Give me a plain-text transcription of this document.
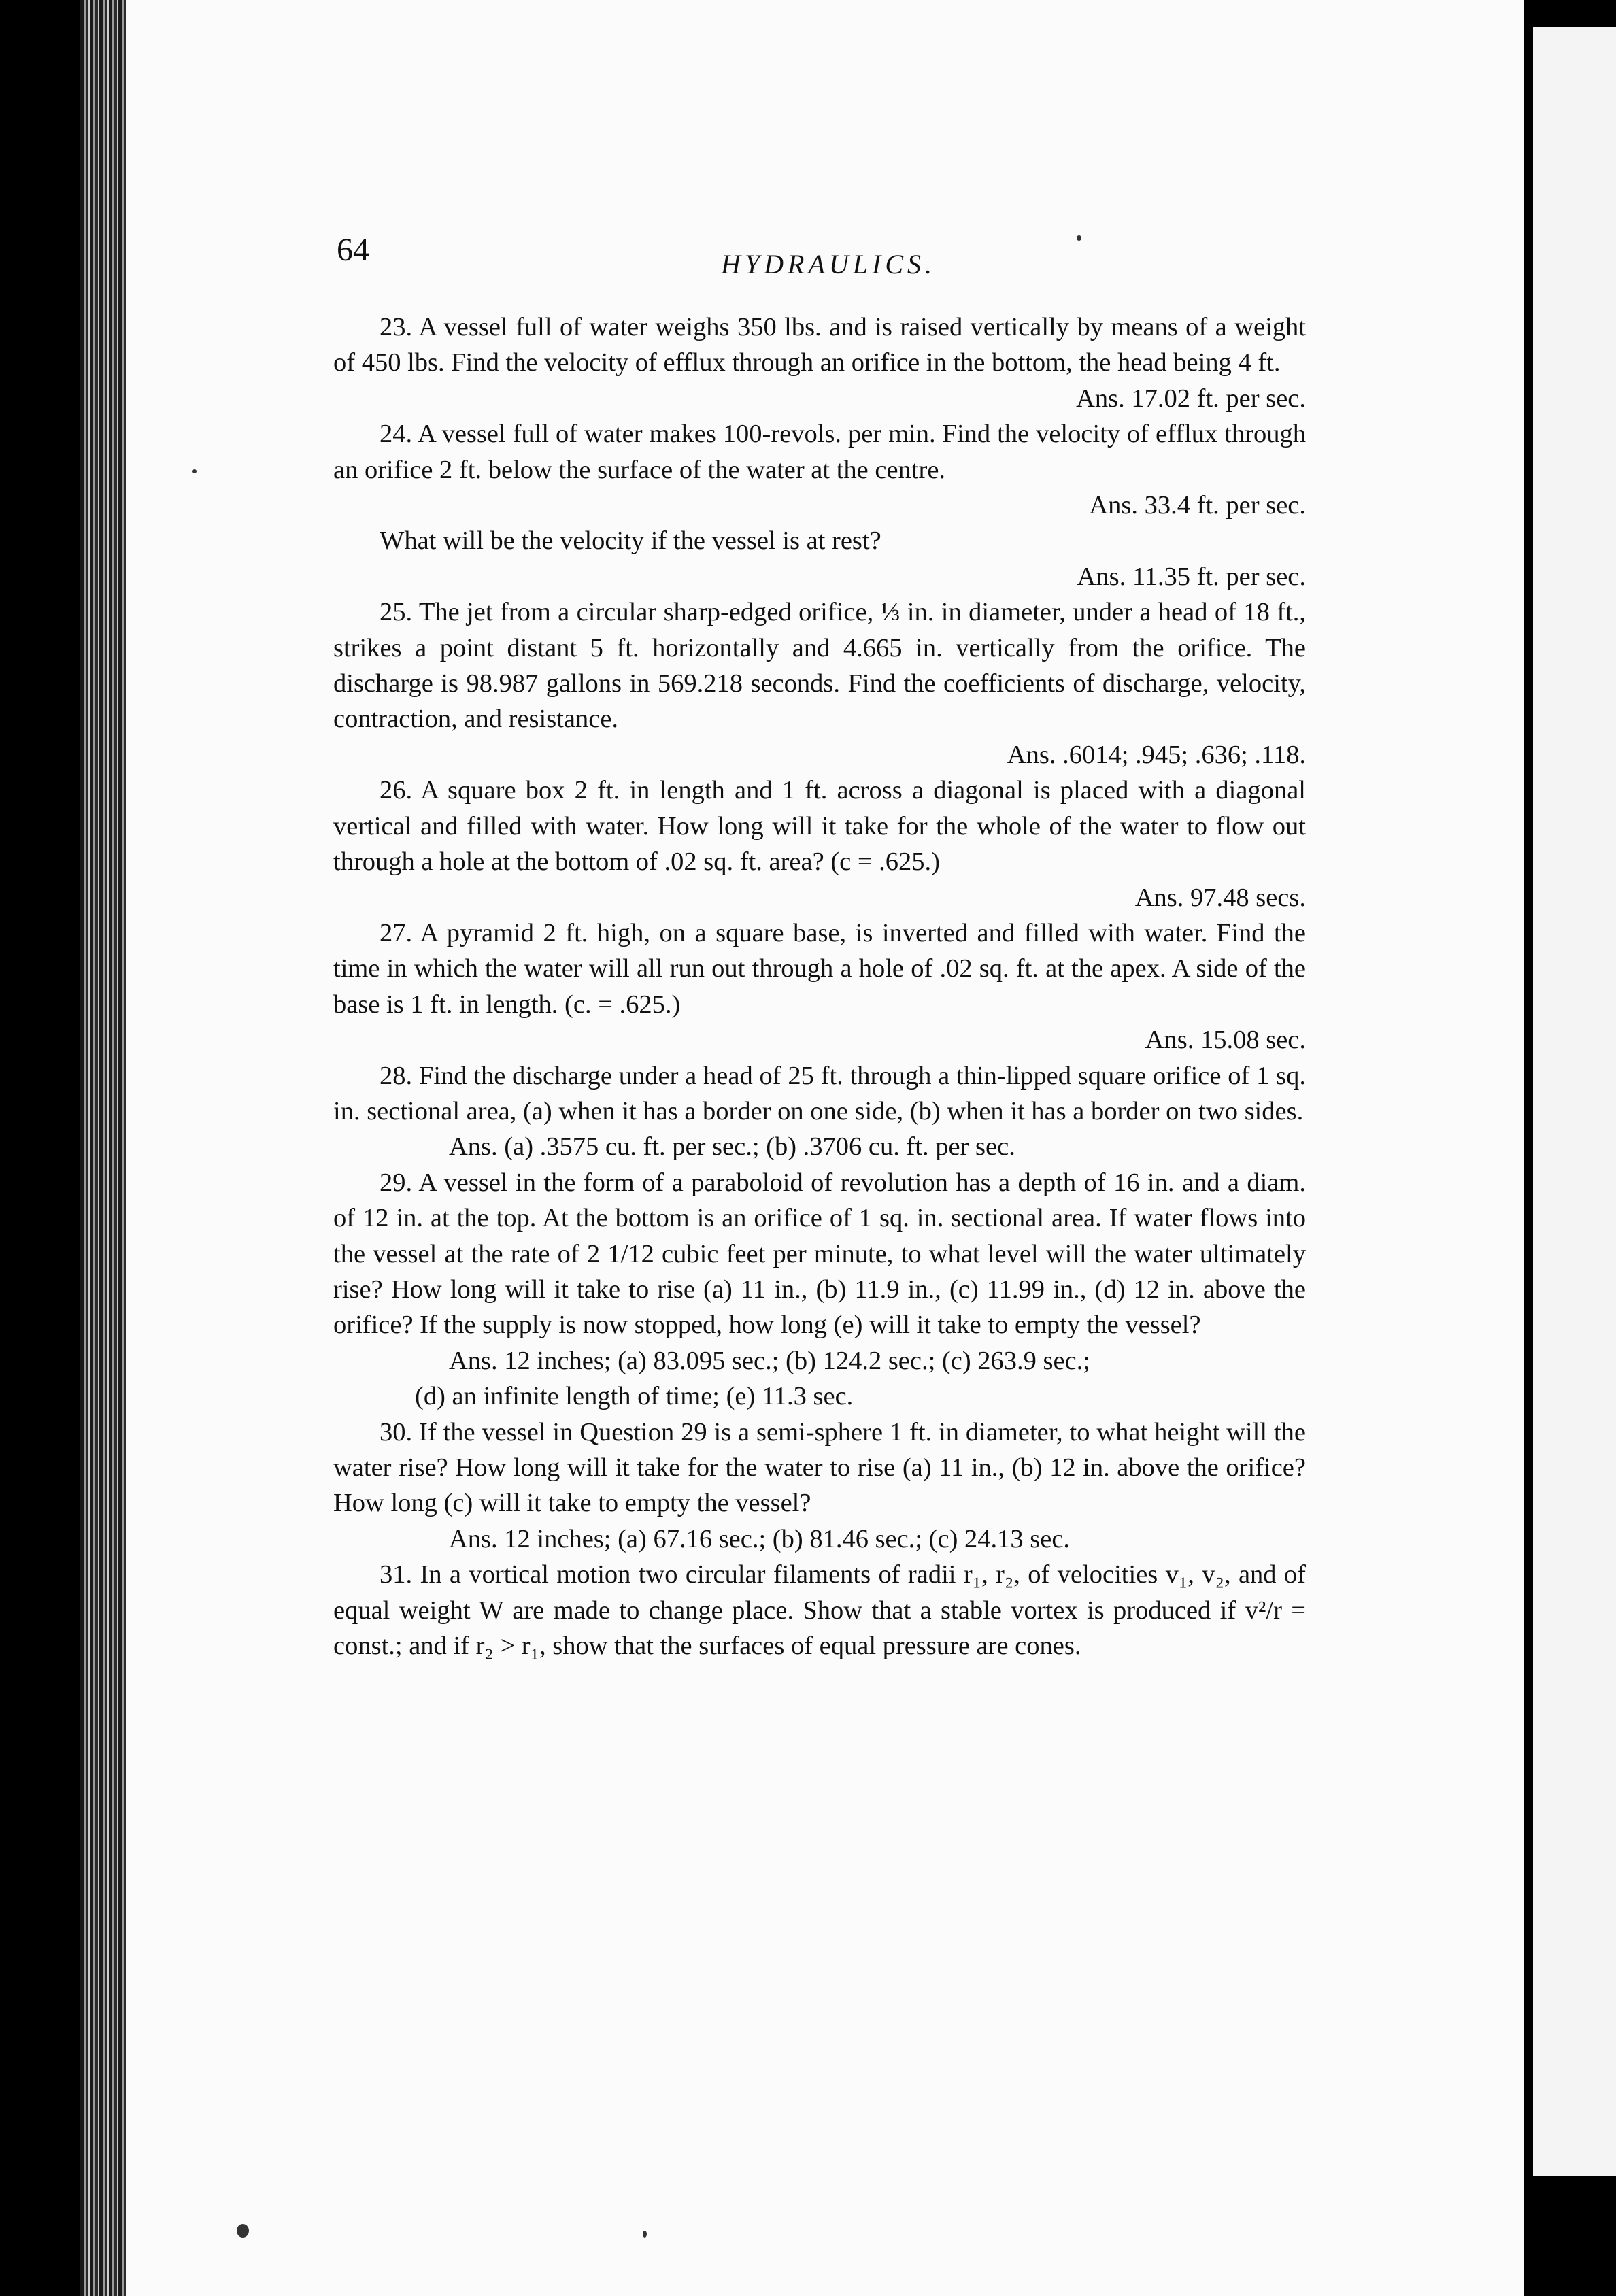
64	HYDRAULICS.

23. A vessel full of water weighs 350 lbs. and is raised vertically by means of a weight of 450 lbs. Find the velocity of efflux through an orifice in the bottom, the head being 4 ft.

Ans. 17.02 ft. per sec.

24. A vessel full of water makes 100-revols. per min. Find the velocity of efflux through an orifice 2 ft. below the surface of the water at the centre.

Ans. 33.4 ft. per sec.

What will be the velocity if the vessel is at rest?

Ans. 11.35 ft. per sec.

25. The jet from a circular sharp-edged orifice, ⅓ in. in diameter, under a head of 18 ft., strikes a point distant 5 ft. horizontally and 4.665 in. vertically from the orifice. The discharge is 98.987 gallons in 569.218 seconds. Find the coefficients of discharge, velocity, contraction, and resistance.

Ans. .6014; .945; .636; .118.

26. A square box 2 ft. in length and 1 ft. across a diagonal is placed with a diagonal vertical and filled with water. How long will it take for the whole of the water to flow out through a hole at the bottom of .02 sq. ft. area? (c = .625.)

Ans. 97.48 secs.

27. A pyramid 2 ft. high, on a square base, is inverted and filled with water. Find the time in which the water will all run out through a hole of .02 sq. ft. at the apex. A side of the base is 1 ft. in length. (c. = .625.)

Ans. 15.08 sec.

28. Find the discharge under a head of 25 ft. through a thin-lipped square orifice of 1 sq. in. sectional area, (a) when it has a border on one side, (b) when it has a border on two sides.

Ans. (a) .3575 cu. ft. per sec.; (b) .3706 cu. ft. per sec.

29. A vessel in the form of a paraboloid of revolution has a depth of 16 in. and a diam. of 12 in. at the top. At the bottom is an orifice of 1 sq. in. sectional area. If water flows into the vessel at the rate of 2 1/12 cubic feet per minute, to what level will the water ultimately rise? How long will it take to rise (a) 11 in., (b) 11.9 in., (c) 11.99 in., (d) 12 in. above the orifice? If the supply is now stopped, how long (e) will it take to empty the vessel?

Ans. 12 inches; (a) 83.095 sec.; (b) 124.2 sec.; (c) 263.9 sec.;

(d) an infinite length of time; (e) 11.3 sec.

30. If the vessel in Question 29 is a semi-sphere 1 ft. in diameter, to what height will the water rise? How long will it take for the water to rise (a) 11 in., (b) 12 in. above the orifice? How long (c) will it take to empty the vessel?

Ans. 12 inches; (a) 67.16 sec.; (b) 81.46 sec.; (c) 24.13 sec.

31. In a vortical motion two circular filaments of radii r₁, r₂, of velocities v₁, v₂, and of equal weight W are made to change place. Show that a stable vortex is produced if v²/r = const.; and if r₂ > r₁, show that the surfaces of equal pressure are cones.
